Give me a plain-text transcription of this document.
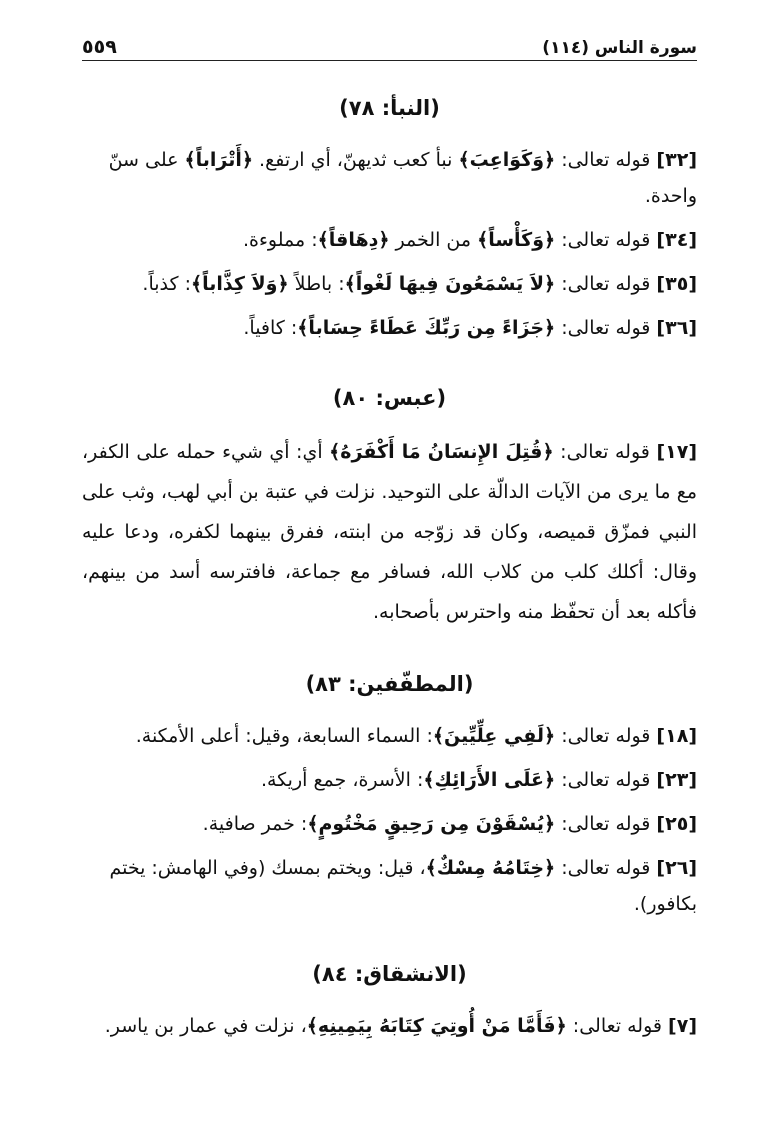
سورة الناس (١١٤)
٥٥٩
(النبأ: ٧٨)
[٣٢] قوله تعالى: ﴿وَكَوَاعِبَ﴾ نبأ كعب ثديهنّ، أي ارتفع. ﴿أَتْرَاباً﴾ على سنّ واحدة.
[٣٤] قوله تعالى: ﴿وَكَأْساً﴾ من الخمر ﴿دِهَاقاً﴾: مملوءة.
[٣٥] قوله تعالى: ﴿لاَ يَسْمَعُونَ فِيهَا لَغْواً﴾: باطلاً ﴿وَلاَ كِذَّاباً﴾: كذباً.
[٣٦] قوله تعالى: ﴿جَزَاءً مِن رَبِّكَ عَطَاءً حِسَاباً﴾: كافياً.
(عبس: ٨٠)
[١٧] قوله تعالى: ﴿قُتِلَ الإِنسَانُ مَا أَكْفَرَهُ﴾ أي: أي شيء حمله على الكفر، مع ما يرى من الآيات الدالّة على التوحيد. نزلت في عتبة بن أبي لهب، وثب على النبي فمزّق قميصه، وكان قد زوّجه من ابنته، ففرق بينهما لكفره، ودعا عليه وقال: أكلك كلب من كلاب الله، فسافر مع جماعة، فافترسه أسد من بينهم، فأكله بعد أن تحفّظ منه واحترس بأصحابه.
(المطفّفين: ٨٣)
[١٨] قوله تعالى: ﴿لَفِي عِلِّيِّينَ﴾: السماء السابعة، وقيل: أعلى الأمكنة.
[٢٣] قوله تعالى: ﴿عَلَى الأَرَائِكِ﴾: الأسرة، جمع أريكة.
[٢٥] قوله تعالى: ﴿يُسْقَوْنَ مِن رَحِيقٍ مَخْتُومٍ﴾: خمر صافية.
[٢٦] قوله تعالى: ﴿خِتَامُهُ مِسْكٌ﴾، قيل: ويختم بمسك (وفي الهامش: يختم بكافور).
(الانشقاق: ٨٤)
[٧] قوله تعالى: ﴿فَأَمَّا مَنْ أُوتِيَ كِتَابَهُ بِيَمِينِهِ﴾، نزلت في عمار بن ياسر.
